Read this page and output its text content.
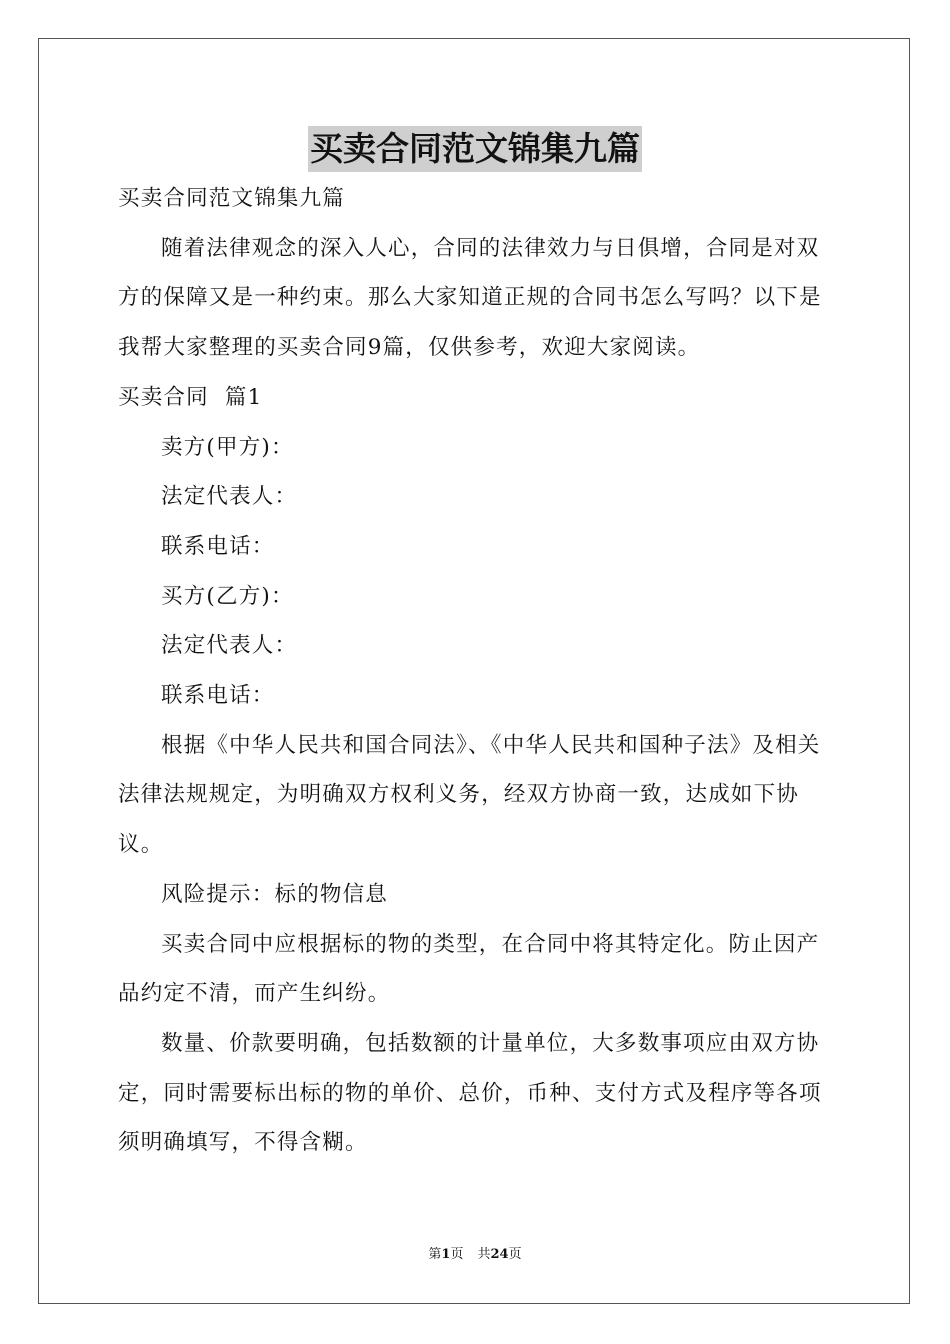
买卖合同范文锦集九篇

买卖合同范文锦集九篇

随着法律观念的深入人心，合同的法律效力与日俱增，合同是对双方的保障又是一种约束。那么大家知道正规的合同书怎么写吗？以下是我帮大家整理的买卖合同9篇，仅供参考，欢迎大家阅读。

买卖合同  篇1

卖方(甲方)：

法定代表人：

联系电话：

买方(乙方)：

法定代表人：

联系电话：

根据《中华人民共和国合同法》、《中华人民共和国种子法》及相关法律法规规定，为明确双方权利义务，经双方协商一致，达成如下协议。

风险提示：标的物信息

买卖合同中应根据标的物的类型，在合同中将其特定化。防止因产品约定不清，而产生纠纷。

数量、价款要明确，包括数额的计量单位，大多数事项应由双方协定，同时需要标出标的物的单价、总价，币种、支付方式及程序等各项须明确填写，不得含糊。

第1页 共24页
